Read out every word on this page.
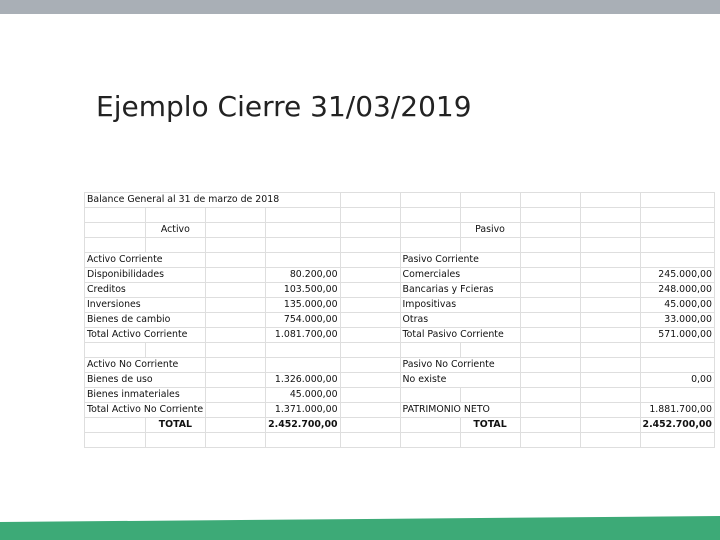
Ejemplo Cierre 31/03/2019
Balance General al 31 de marzo de 2018									

	Activo					Pasivo			

Activo Corriente					Pasivo Corriente				
Disponibilidades			80.200,00		Comerciales				245.000,00
Creditos			103.500,00		Bancarias y Fcieras				248.000,00
Inversiones			135.000,00		Impositivas				45.000,00
Bienes de cambio			754.000,00		Otras				33.000,00
Total Activo Corriente			1.081.700,00		Total Pasivo Corriente				571.000,00

Activo No Corriente					Pasivo No Corriente				
Bienes de uso			1.326.000,00		No existe				0,00
Bienes inmateriales			45.000,00						
Total Activo No Corriente			1.371.000,00		PATRIMONIO NETO				1.881.700,00
	TOTAL		2.452.700,00			TOTAL			2.452.700,00
